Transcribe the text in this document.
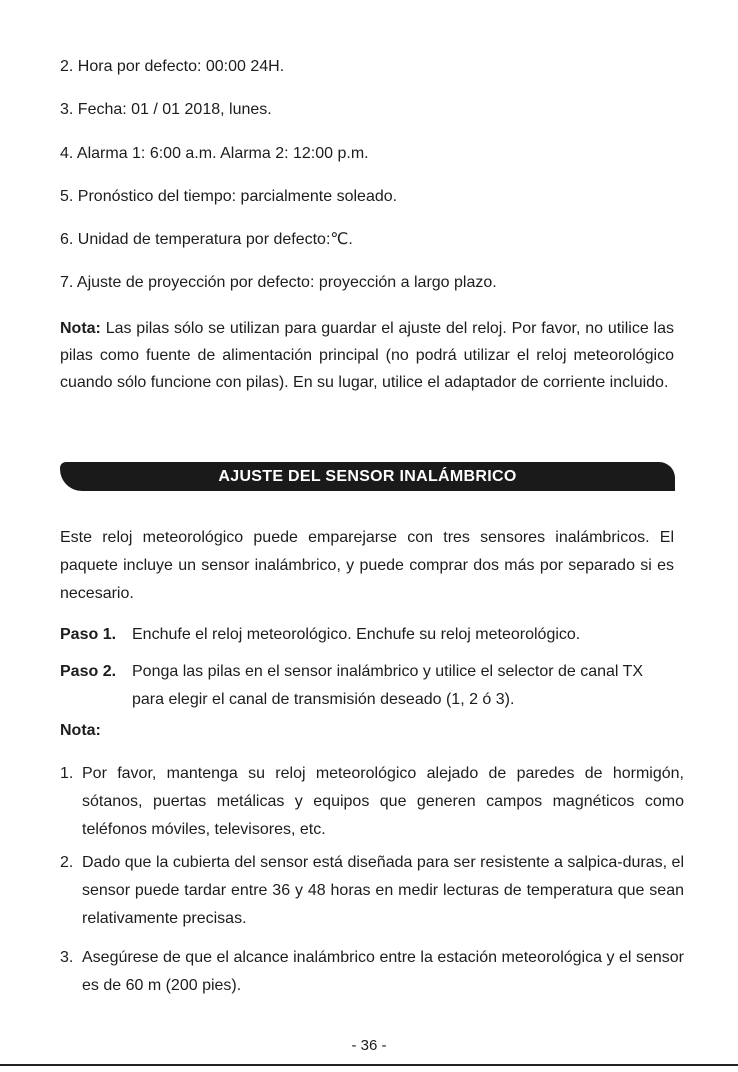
2. Hora por defecto: 00:00 24H.
3. Fecha: 01 / 01 2018, lunes.
4. Alarma 1: 6:00 a.m. Alarma 2: 12:00 p.m.
5. Pronóstico del tiempo: parcialmente soleado.
6. Unidad de temperatura por defecto:℃.
7. Ajuste de proyección por defecto: proyección a largo plazo.
Nota: Las pilas sólo se utilizan para guardar el ajuste del reloj. Por favor, no utilice las pilas como fuente de alimentación principal (no podrá utilizar el reloj meteorológico cuando sólo funcione con pilas). En su lugar, utilice el adaptador de corriente incluido.
AJUSTE DEL SENSOR INALÁMBRICO
Este reloj meteorológico puede emparejarse con tres sensores inalámbricos. El paquete incluye un sensor inalámbrico, y puede comprar dos más por separado si es necesario.
Paso 1. Enchufe el reloj meteorológico. Enchufe su reloj meteorológico.
Paso 2. Ponga las pilas en el sensor inalámbrico y utilice el selector de canal TX para elegir el canal de transmisión deseado (1, 2 ó 3).
Nota:
1. Por favor, mantenga su reloj meteorológico alejado de paredes de hormigón, sótanos, puertas metálicas y equipos que generen campos magnéticos como teléfonos móviles, televisores, etc.
2. Dado que la cubierta del sensor está diseñada para ser resistente a salpica-duras, el sensor puede tardar entre 36 y 48 horas en medir lecturas de temperatura que sean relativamente precisas.
3. Asegúrese de que el alcance inalámbrico entre la estación meteorológica y el sensor es de 60 m (200 pies).
- 36 -
